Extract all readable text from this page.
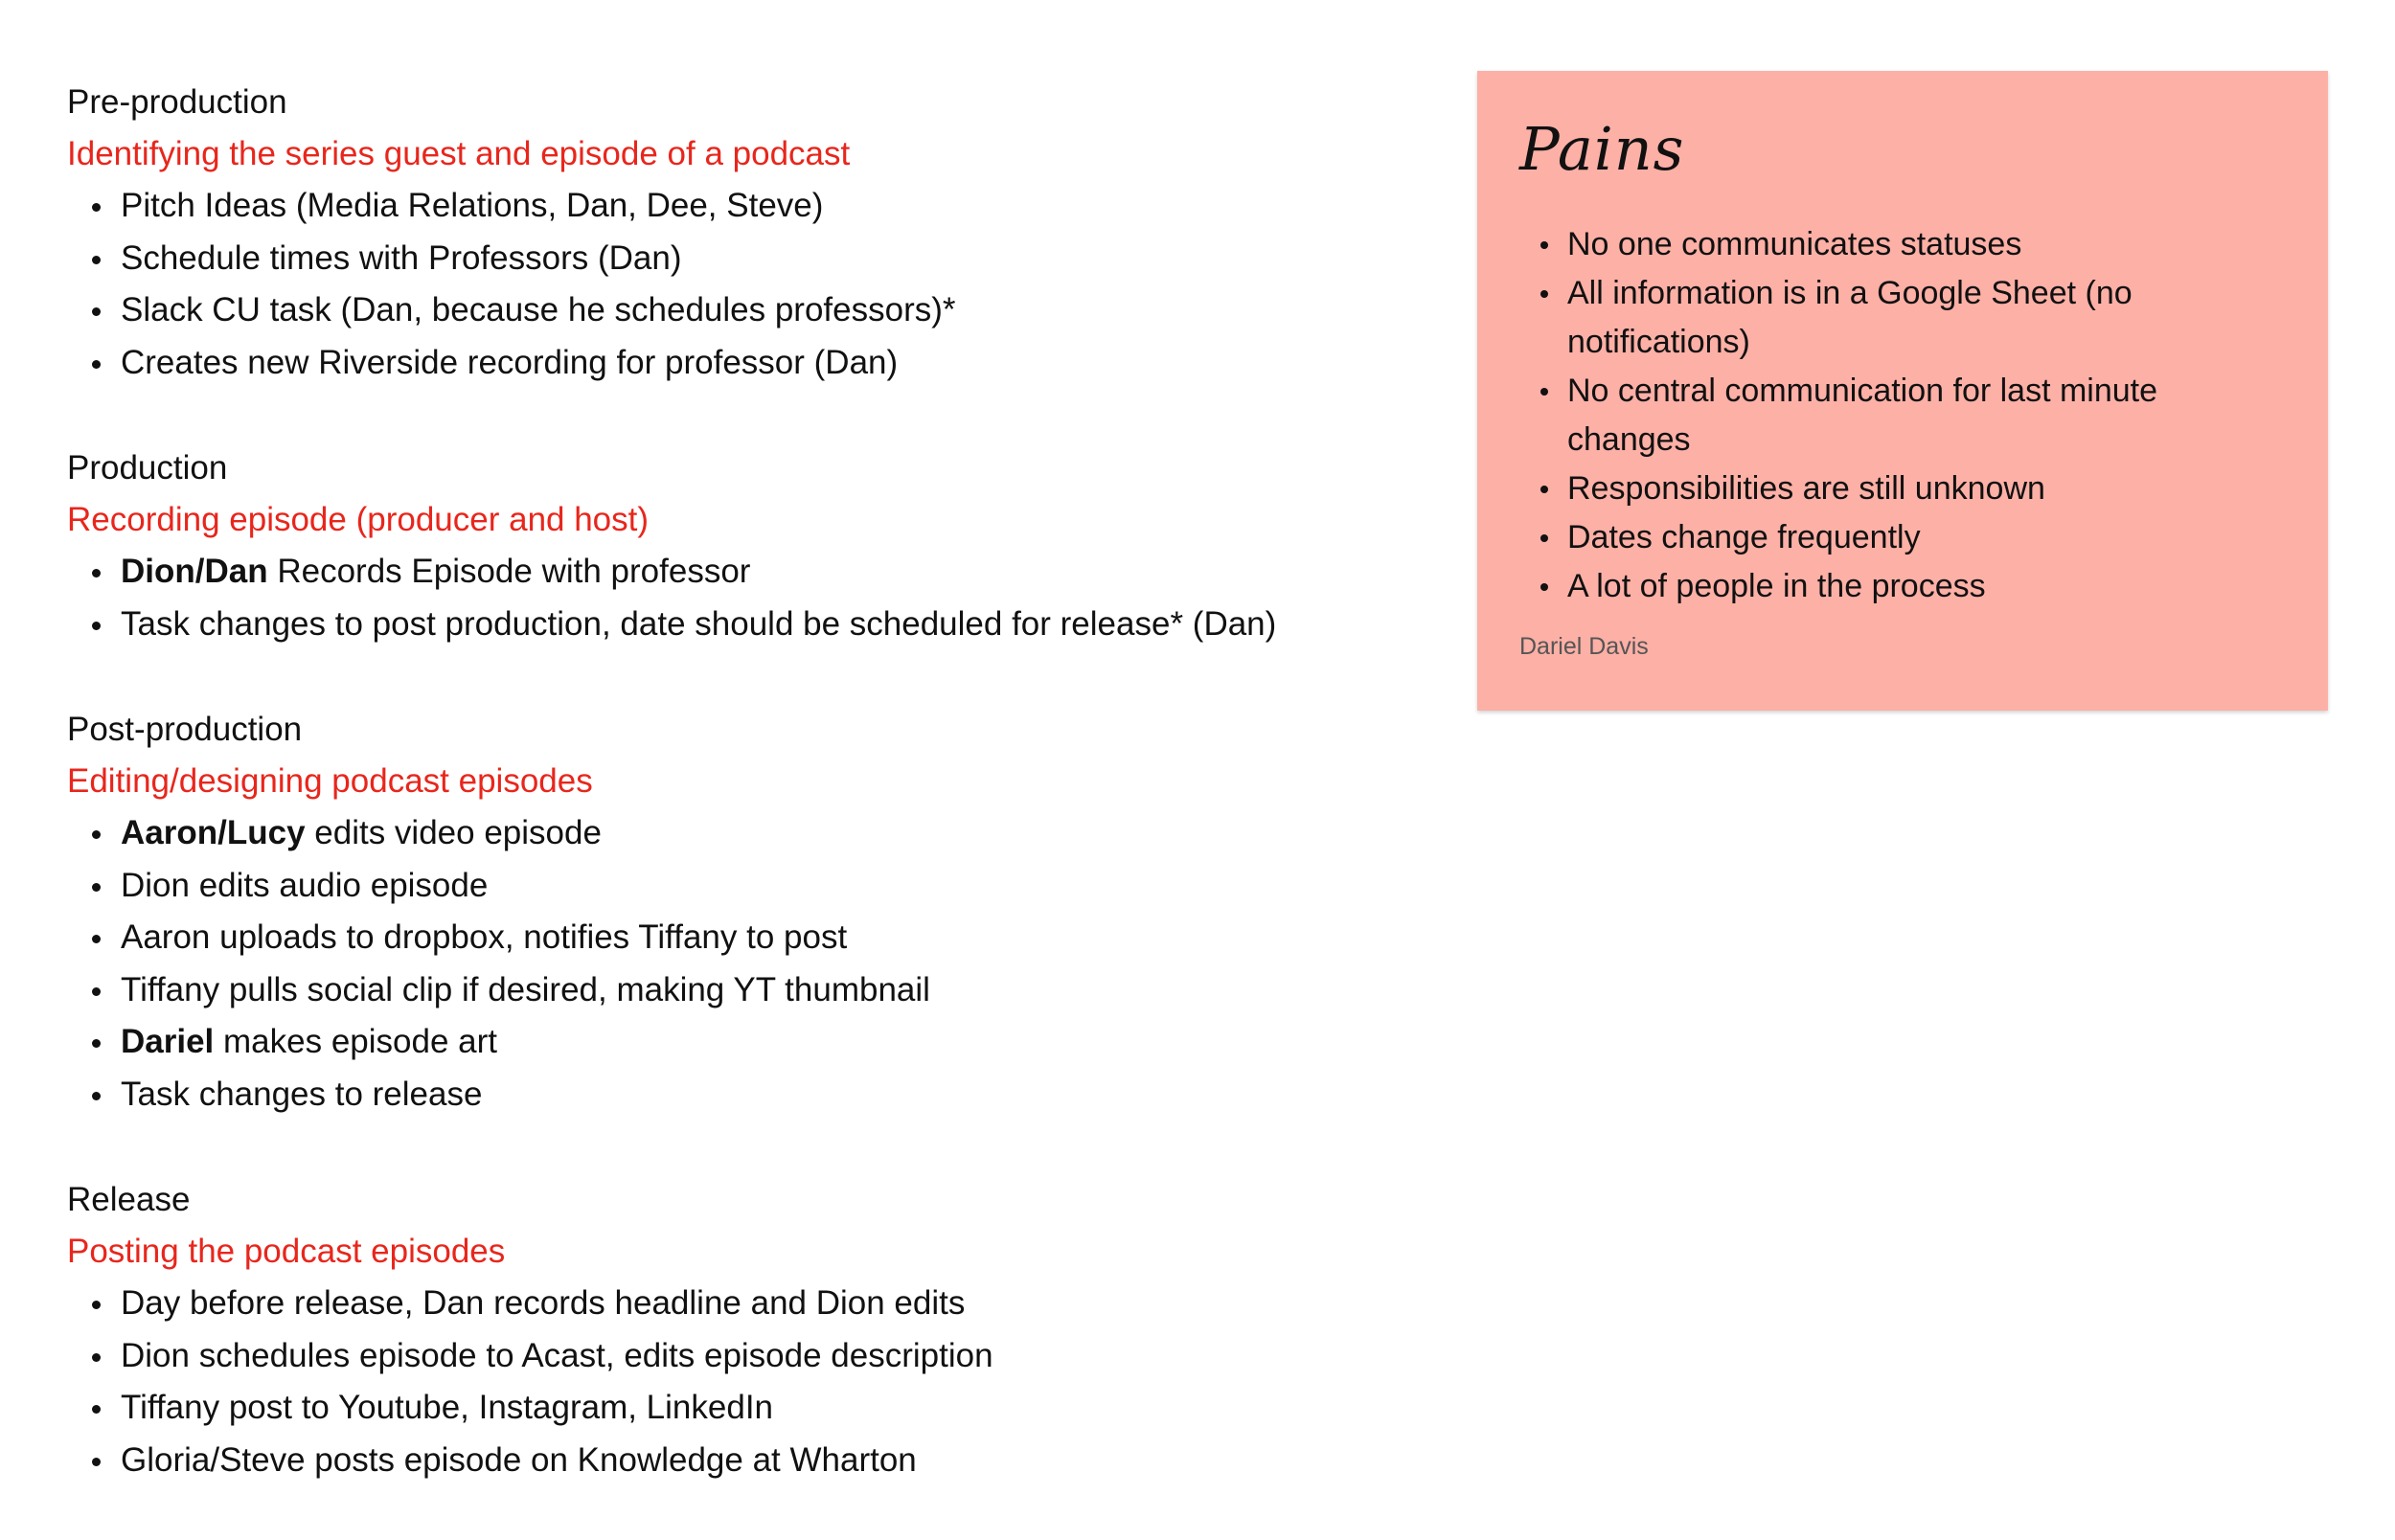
Pre-production
Identifying the series guest and episode of a podcast
Pitch Ideas (Media Relations, Dan, Dee, Steve)
Schedule times with Professors (Dan)
Slack CU task (Dan, because he schedules professors)*
Creates new Riverside recording for professor (Dan)
Production
Recording episode (producer and host)
Dion/Dan Records Episode with professor
Task changes to post production, date should be scheduled for release* (Dan)
Post-production
Editing/designing podcast episodes
Aaron/Lucy edits video episode
Dion edits audio episode
Aaron uploads to dropbox, notifies Tiffany to post
Tiffany pulls social clip if desired, making YT thumbnail
Dariel makes episode art
Task changes to release
Release
Posting the podcast episodes
Day before release, Dan records headline and Dion edits
Dion schedules episode to Acast, edits episode description
Tiffany post to Youtube, Instagram, LinkedIn
Gloria/Steve posts episode on Knowledge at Wharton
Pains
No one communicates statuses
All information is in a Google Sheet (no notifications)
No central communication for last minute changes
Responsibilities are still unknown
Dates change frequently
A lot of people in the process
Dariel Davis
